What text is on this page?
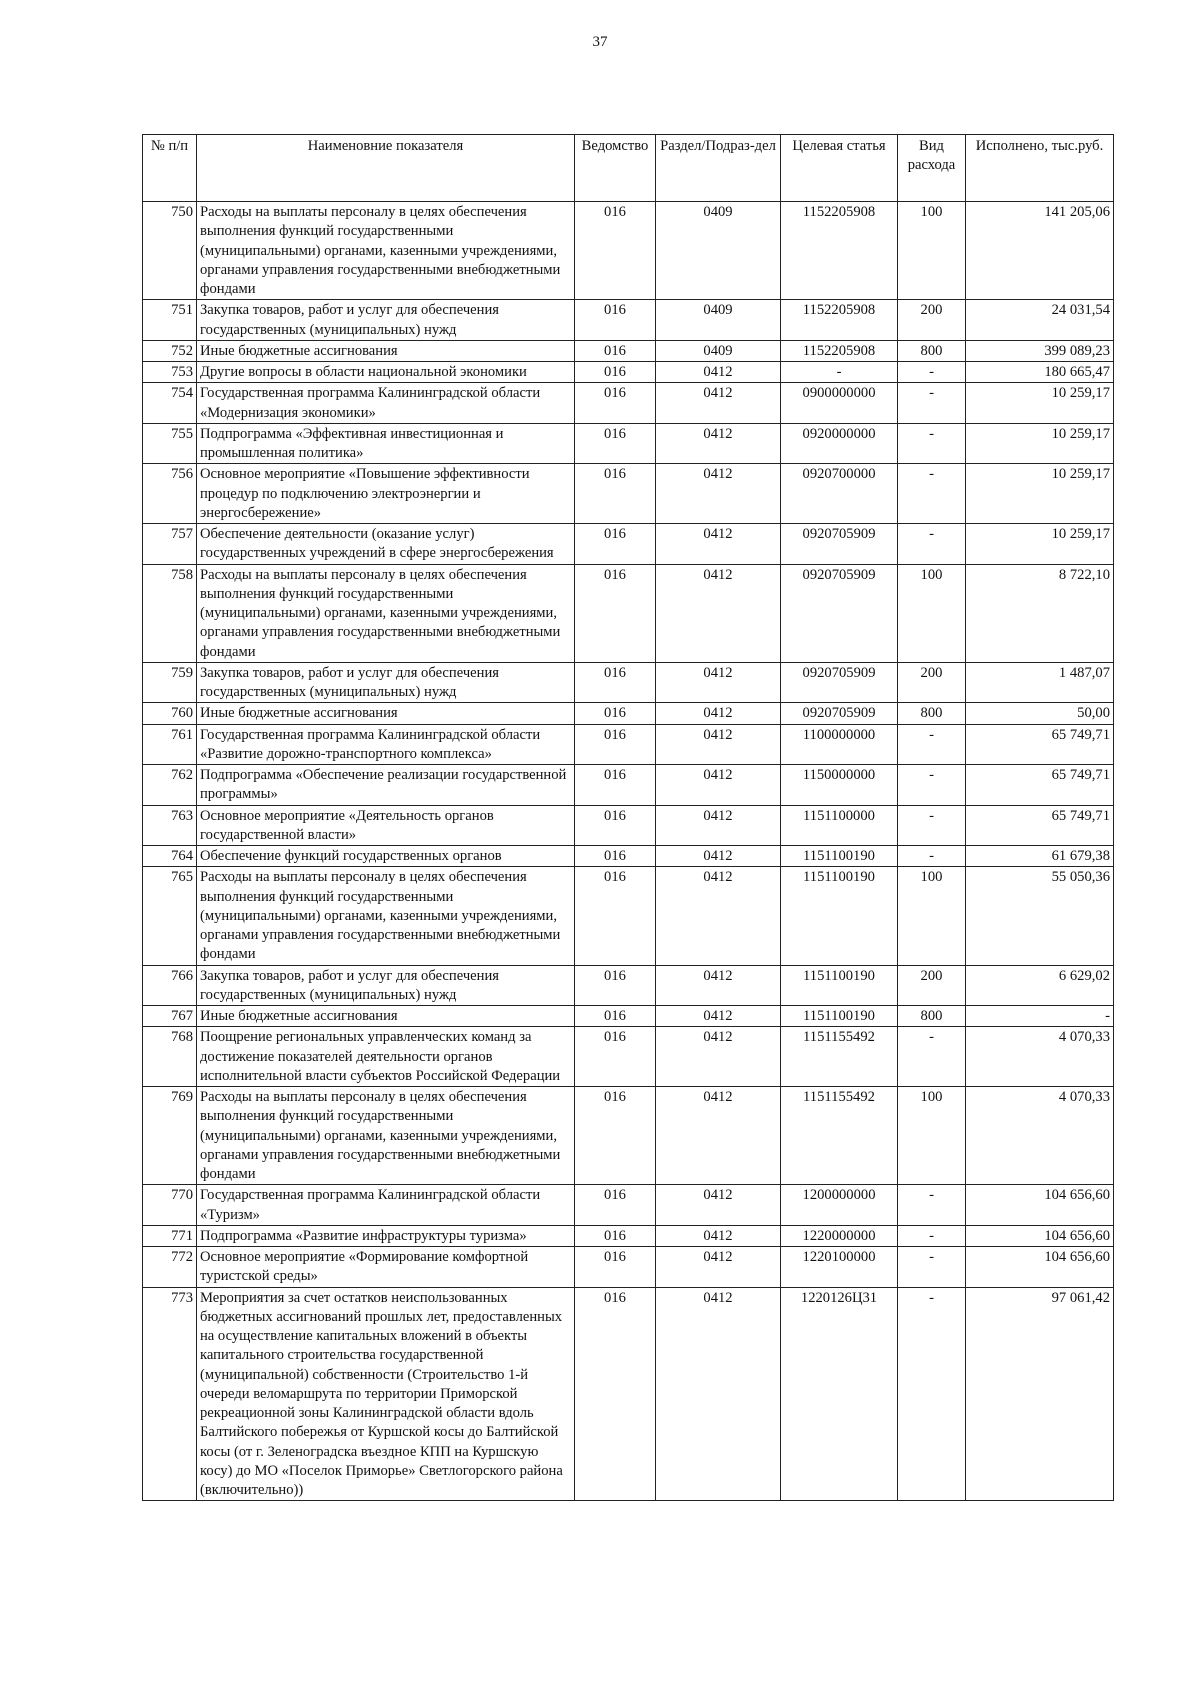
37
№ п/п	Наименовние показателя	Ведомство	Раздел/Подраз-дел	Целевая статья	Вид расхода	Исполнено, тыс.руб.
750	Расходы на выплаты персоналу в целях обеспечения выполнения функций государственными (муниципальными) органами, казенными учреждениями, органами управления государственными внебюджетными фондами	016	0409	1152205908	100	141 205,06
751	Закупка товаров, работ и услуг для обеспечения государственных (муниципальных) нужд	016	0409	1152205908	200	24 031,54
752	Иные бюджетные ассигнования	016	0409	1152205908	800	399 089,23
753	Другие вопросы в области национальной экономики	016	0412	-	-	180 665,47
754	Государственная программа Калининградской области «Модернизация экономики»	016	0412	0900000000	-	10 259,17
755	Подпрограмма «Эффективная инвестиционная и промышленная политика»	016	0412	0920000000	-	10 259,17
756	Основное мероприятие «Повышение эффективности процедур по подключению электроэнергии и энергосбережение»	016	0412	0920700000	-	10 259,17
757	Обеспечение деятельности (оказание услуг) государственных учреждений в сфере энергосбережения	016	0412	0920705909	-	10 259,17
758	Расходы на выплаты персоналу в целях обеспечения выполнения функций государственными (муниципальными) органами, казенными учреждениями, органами управления государственными внебюджетными фондами	016	0412	0920705909	100	8 722,10
759	Закупка товаров, работ и услуг для обеспечения государственных (муниципальных) нужд	016	0412	0920705909	200	1 487,07
760	Иные бюджетные ассигнования	016	0412	0920705909	800	50,00
761	Государственная программа Калининградской области «Развитие дорожно-транспортного комплекса»	016	0412	1100000000	-	65 749,71
762	Подпрограмма «Обеспечение реализации государственной программы»	016	0412	1150000000	-	65 749,71
763	Основное мероприятие «Деятельность органов государственной власти»	016	0412	1151100000	-	65 749,71
764	Обеспечение функций государственных органов	016	0412	1151100190	-	61 679,38
765	Расходы на выплаты персоналу в целях обеспечения выполнения функций государственными (муниципальными) органами, казенными учреждениями, органами управления государственными внебюджетными фондами	016	0412	1151100190	100	55 050,36
766	Закупка товаров, работ и услуг для обеспечения государственных (муниципальных) нужд	016	0412	1151100190	200	6 629,02
767	Иные бюджетные ассигнования	016	0412	1151100190	800	-
768	Поощрение региональных управленческих команд за достижение показателей деятельности органов исполнительной власти субъектов Российской Федерации	016	0412	1151155492	-	4 070,33
769	Расходы на выплаты персоналу в целях обеспечения выполнения функций государственными (муниципальными) органами, казенными учреждениями, органами управления государственными внебюджетными фондами	016	0412	1151155492	100	4 070,33
770	Государственная программа Калининградской области «Туризм»	016	0412	1200000000	-	104 656,60
771	Подпрограмма «Развитие инфраструктуры туризма»	016	0412	1220000000	-	104 656,60
772	Основное мероприятие «Формирование комфортной туристской среды»	016	0412	1220100000	-	104 656,60
773	Мероприятия за счет остатков неиспользованных бюджетных ассигнований прошлых лет, предоставленных на осуществление капитальных вложений в объекты капитального строительства государственной (муниципальной) собственности (Строительство 1-й очереди веломаршрута по территории Приморской рекреационной зоны Калининградской области вдоль Балтийского побережья от Куршской косы до Балтийской косы (от г. Зеленоградска въездное КПП на Куршскую косу) до МО «Поселок Приморье» Светлогорского района (включительно))	016	0412	1220126Ц31	-	97 061,42
